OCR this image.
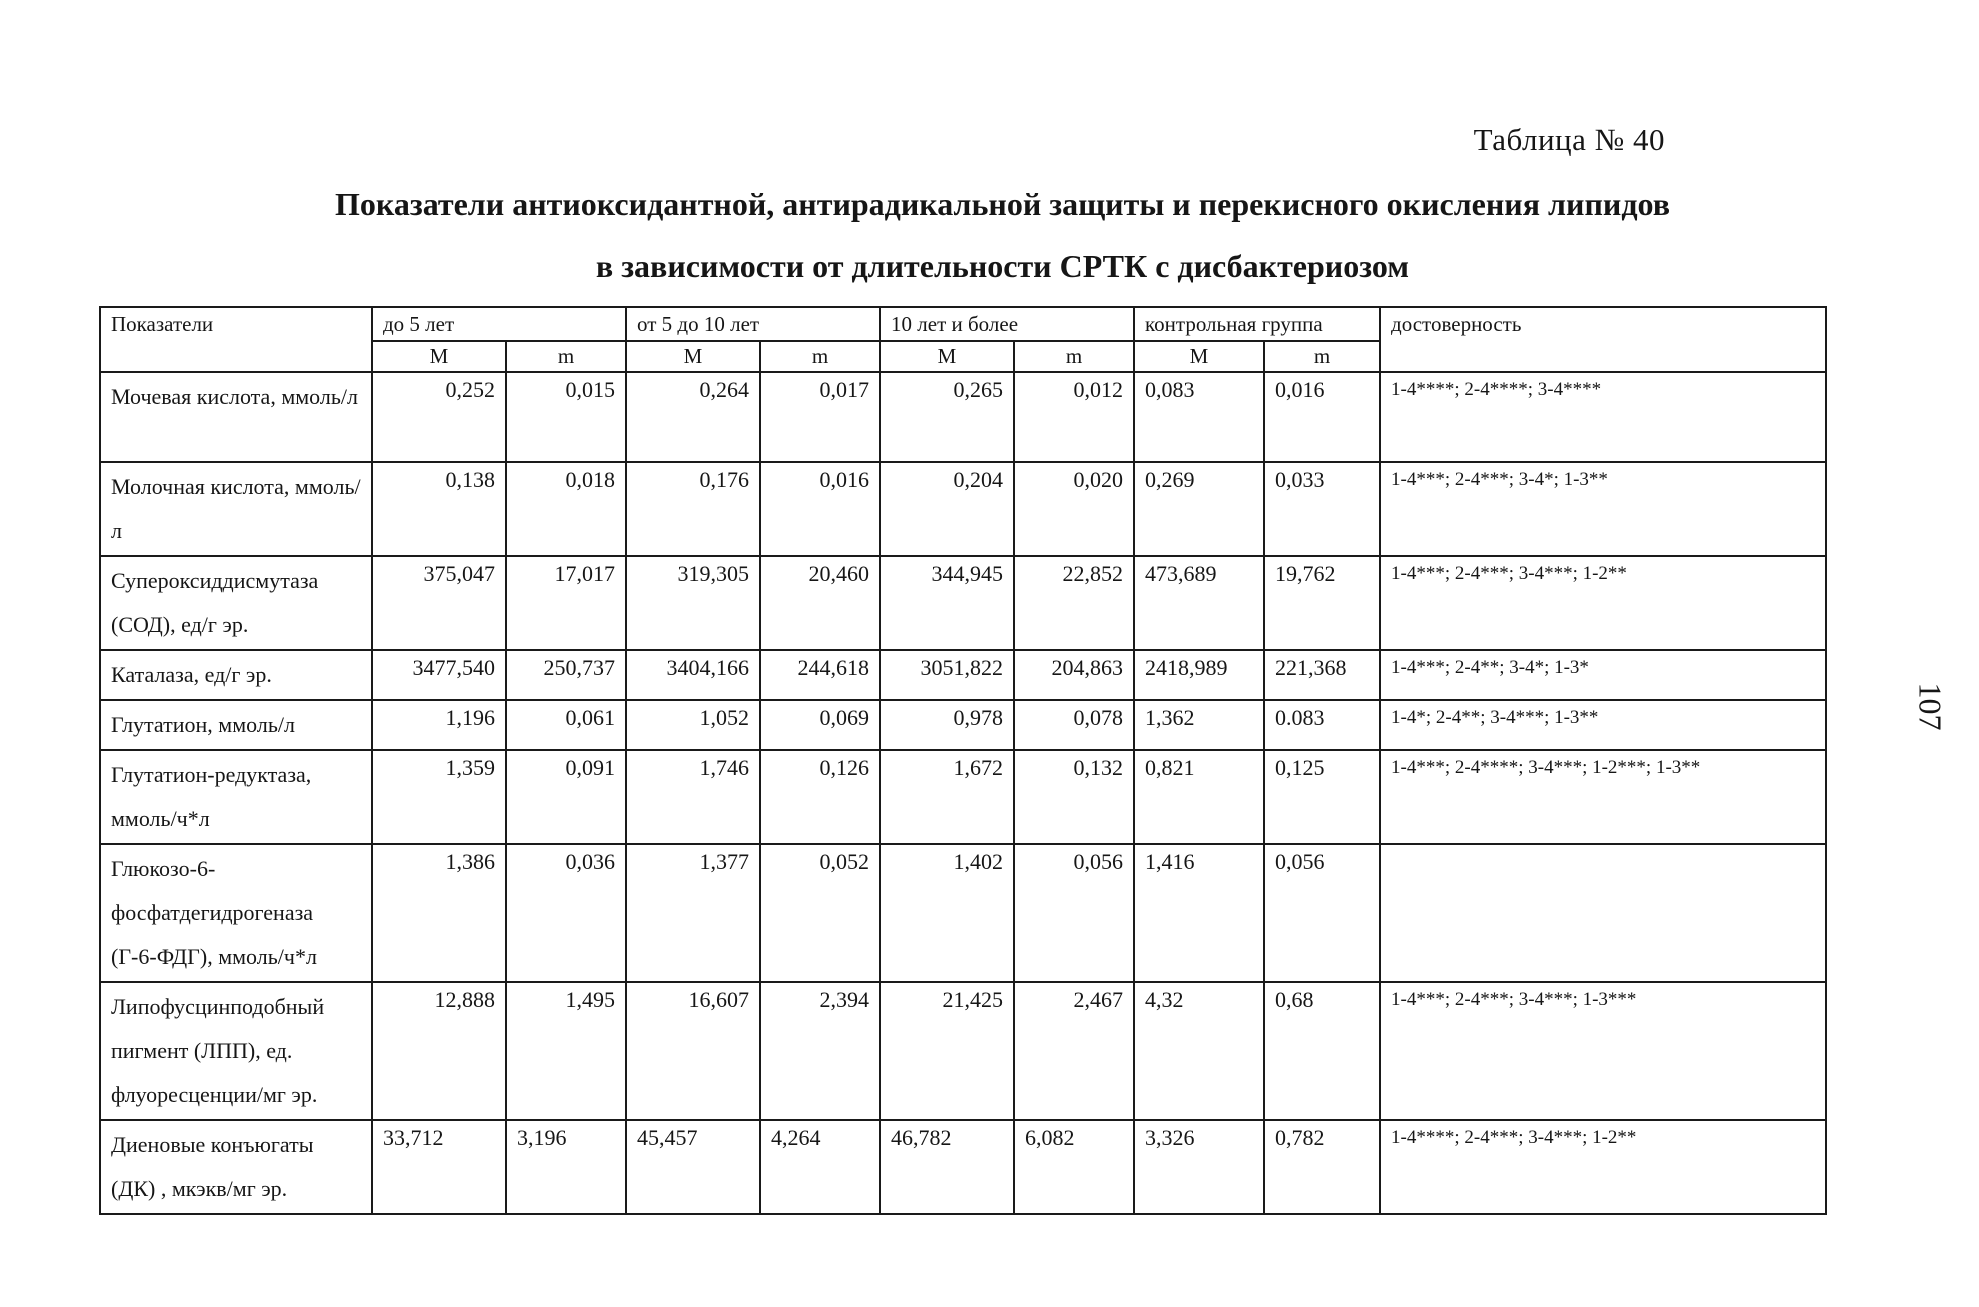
Таблица № 40
Показатели антиоксидантной, антирадикальной защиты и перекисного окисления липидов
в зависимости от длительности СРТК с дисбактериозом
107
Показатели	до 5 лет		от 5 до 10 лет		10 лет и более		контрольная группа		достоверность
	М	m	М	m	М	m	М	m	
Мочевая кислота, ммоль/л	0,252	0,015	0,264	0,017	0,265	0,012	0,083	0,016	1-4****; 2-4****; 3-4****
Молочная кислота, ммоль/л	0,138	0,018	0,176	0,016	0,204	0,020	0,269	0,033	1-4***; 2-4***; 3-4*; 1-3**
Супероксиддисмутаза (СОД), ед/г эр.	375,047	17,017	319,305	20,460	344,945	22,852	473,689	19,762	1-4***; 2-4***; 3-4***; 1-2**
Каталаза, ед/г эр.	3477,540	250,737	3404,166	244,618	3051,822	204,863	2418,989	221,368	1-4***; 2-4**; 3-4*; 1-3*
Глутатион, ммоль/л	1,196	0,061	1,052	0,069	0,978	0,078	1,362	0.083	1-4*; 2-4**; 3-4***; 1-3**
Глутатион-редуктаза, ммоль/ч*л	1,359	0,091	1,746	0,126	1,672	0,132	0,821	0,125	1-4***; 2-4****; 3-4***; 1-2***; 1-3**
Глюкозо-6-фосфатдегидрогеназа (Г-6-ФДГ), ммоль/ч*л	1,386	0,036	1,377	0,052	1,402	0,056	1,416	0,056	
Липофусцинподобный пигмент (ЛПП), ед. флуоресценции/мг эр.	12,888	1,495	16,607	2,394	21,425	2,467	4,32	0,68	1-4***; 2-4***; 3-4***; 1-3***
Диеновые конъюгаты (ДК) , мкэкв/мг эр.	33,712	3,196	45,457	4,264	46,782	6,082	3,326	0,782	1-4****; 2-4***; 3-4***; 1-2**
